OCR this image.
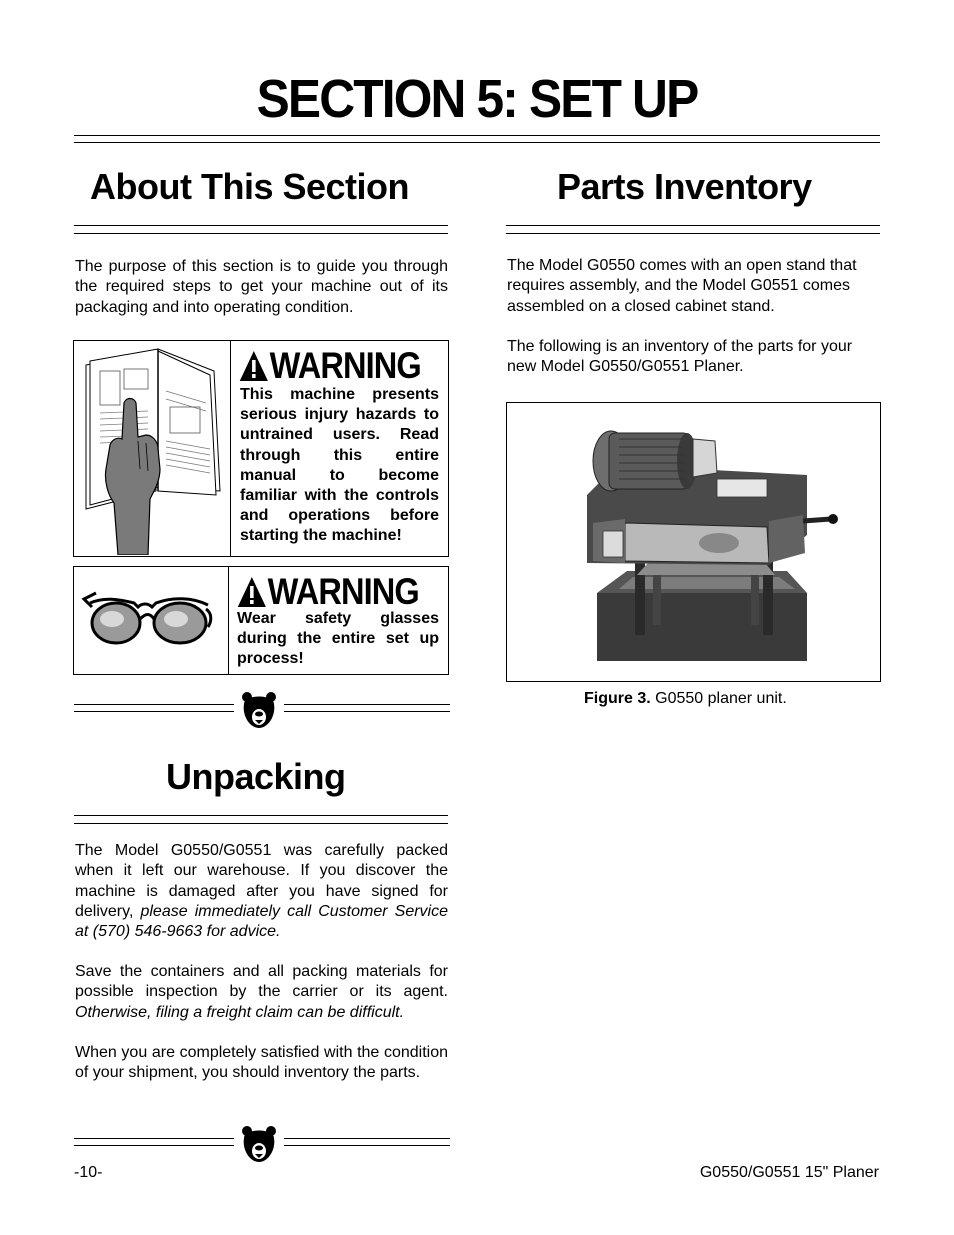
SECTION 5: SET UP
About This Section

The purpose of this section is to guide you through the required steps to get your machine out of its packaging and into operating condition.

WARNING
This machine presents serious injury hazards to untrained users. Read through this entire manual to become familiar with the controls and operations before starting the machine!
WARNING
Wear safety glasses during the entire set up process!
Unpacking

The Model G0550/G0551 was carefully packed when it left our warehouse. If you discover the machine is damaged after you have signed for delivery, please immediately call Customer Service at (570) 546-9663 for advice.

Save the containers and all packing materials for possible inspection by the carrier or its agent. Otherwise, filing a freight claim can be difficult.

When you are completely satisfied with the condition of your shipment, you should inventory the parts.

Parts Inventory

The Model G0550 comes with an open stand that requires assembly, and the Model G0551 comes assembled on a closed cabinet stand.

The following is an inventory of the parts for your new Model G0550/G0551 Planer.

Figure 3. G0550 planer unit.
-10-	G0550/G0551 15" Planer
